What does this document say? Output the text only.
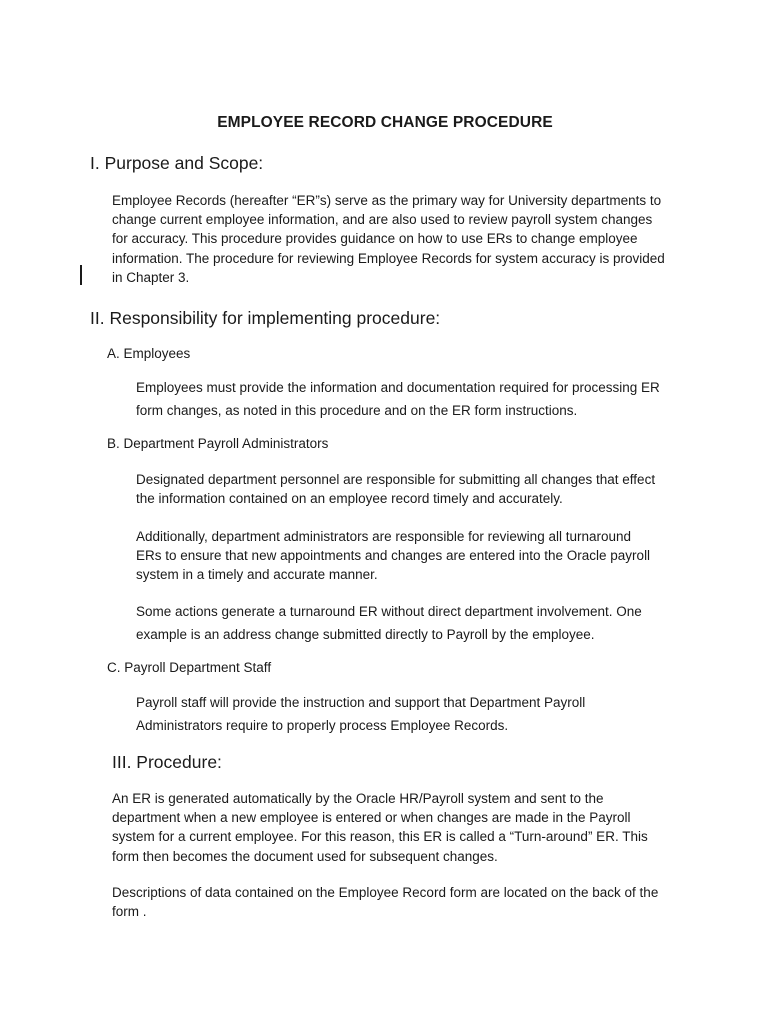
EMPLOYEE RECORD CHANGE PROCEDURE
I. Purpose and Scope:
Employee Records (hereafter “ER”s) serve as the primary way for University departments to
change current employee information, and are also used to review payroll system changes
for accuracy. This procedure provides guidance on how to use ERs to change employee
information. The procedure for reviewing Employee Records for system accuracy is provided
in Chapter 3.
II. Responsibility for implementing procedure:
A. Employees
Employees must provide the information and documentation required for processing ER
form changes, as noted in this procedure and on the ER form instructions.
B. Department Payroll Administrators
Designated department personnel are responsible for submitting all changes that effect
the information contained on an employee record timely and accurately.
Additionally, department administrators are responsible for reviewing all turnaround
ERs to ensure that new appointments and changes are entered into the Oracle payroll
system in a timely and accurate manner.
Some actions generate a turnaround ER without direct department involvement. One
example is an address change submitted directly to Payroll by the employee.
C. Payroll Department Staff
Payroll staff will provide the instruction and support that Department Payroll
Administrators require to properly process Employee Records.
III. Procedure:
An ER is generated automatically by the Oracle HR/Payroll system and sent to the
department when a new employee is entered or when changes are made in the Payroll
system for a current employee. For this reason, this ER is called a “Turn-around” ER. This
form then becomes the document used for subsequent changes.
Descriptions of data contained on the Employee Record form are located on the back of the
form .
